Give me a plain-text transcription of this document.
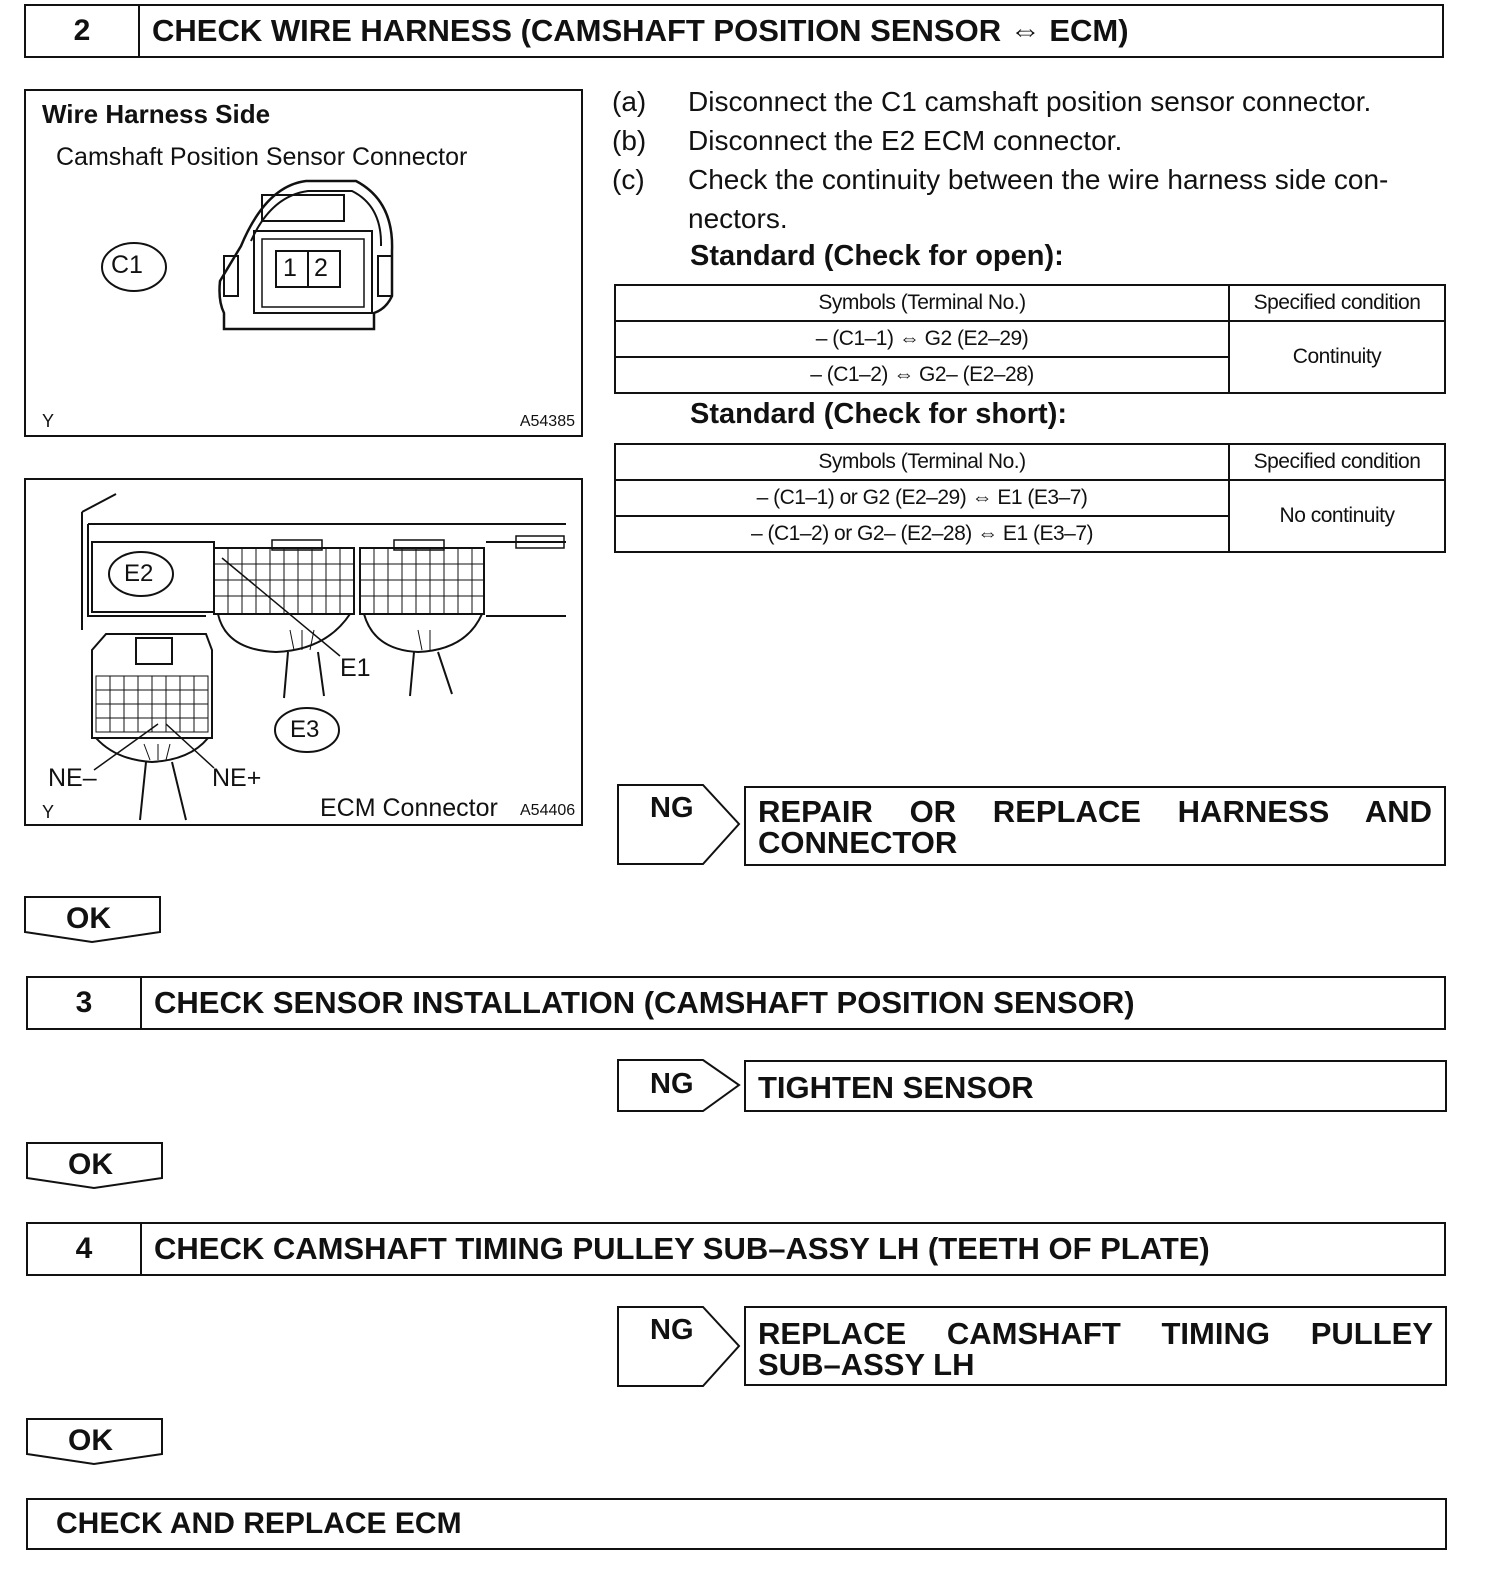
2	CHECK WIRE HARNESS (CAMSHAFT POSITION SENSOR ⇔ ECM)
Wire Harness Side
Camshaft Position Sensor Connector
C1	1 2
Y	A54385
E2
E1
E3
NE–	NE+
Y	ECM Connector A54406
(a) Disconnect the C1 camshaft position sensor connector.
(b) Disconnect the E2 ECM connector.
(c) Check the continuity between the wire harness side con-
nectors.
Standard (Check for open):
Symbols (Terminal No.)	Specified condition
– (C1–1) ⇔ G2 (E2–29)	Continuity
– (C1–2) ⇔ G2– (E2–28)	
Standard (Check for short):
Symbols (Terminal No.)	Specified condition
– (C1–1) or G2 (E2–29) ⇔ E1 (E3–7)	No continuity
– (C1–2) or G2– (E2–28) ⇔ E1 (E3–7)	
NG REPAIR OR REPLACE HARNESS AND
CONNECTOR
OK
3	CHECK SENSOR INSTALLATION (CAMSHAFT POSITION SENSOR)
NG TIGHTEN SENSOR
OK
4	CHECK CAMSHAFT TIMING PULLEY SUB–ASSY LH (TEETH OF PLATE)
NG REPLACE CAMSHAFT TIMING PULLEY
SUB–ASSY LH
OK
CHECK AND REPLACE ECM
